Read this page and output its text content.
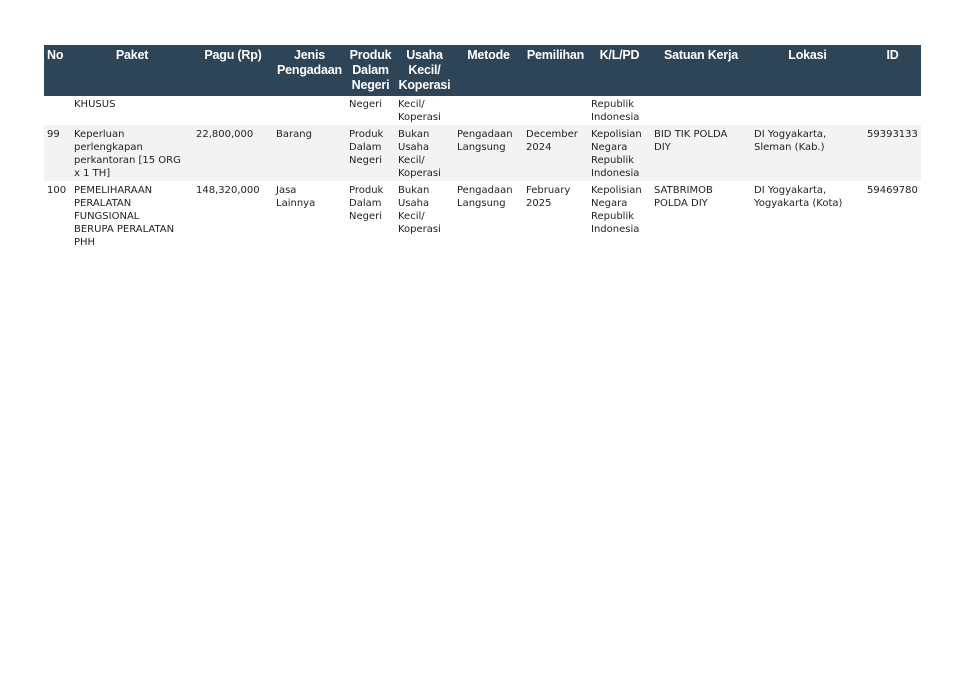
No	Paket	Pagu (Rp)	Jenis
Pengadaan	Produk
Dalam
Negeri	Usaha
Kecil/
Koperasi	Metode	Pemilihan	K/L/PD	Satuan Kerja	Lokasi	ID
	KHUSUS			Negeri	Kecil/
Koperasi			Republik
Indonesia			
99	Keperluan
perlengkapan
perkantoran [15 ORG
x 1 TH]	22,800,000	Barang	Produk
Dalam
Negeri	Bukan
Usaha
Kecil/
Koperasi	Pengadaan
Langsung	December
2024	Kepolisian
Negara
Republik
Indonesia	BID TIK POLDA
DIY	DI Yogyakarta,
Sleman (Kab.)	59393133
100	PEMELIHARAAN
PERALATAN
FUNGSIONAL
BERUPA PERALATAN
PHH	148,320,000	Jasa
Lainnya	Produk
Dalam
Negeri	Bukan
Usaha
Kecil/
Koperasi	Pengadaan
Langsung	February
2025	Kepolisian
Negara
Republik
Indonesia	SATBRIMOB
POLDA DIY	DI Yogyakarta,
Yogyakarta (Kota)	59469780
